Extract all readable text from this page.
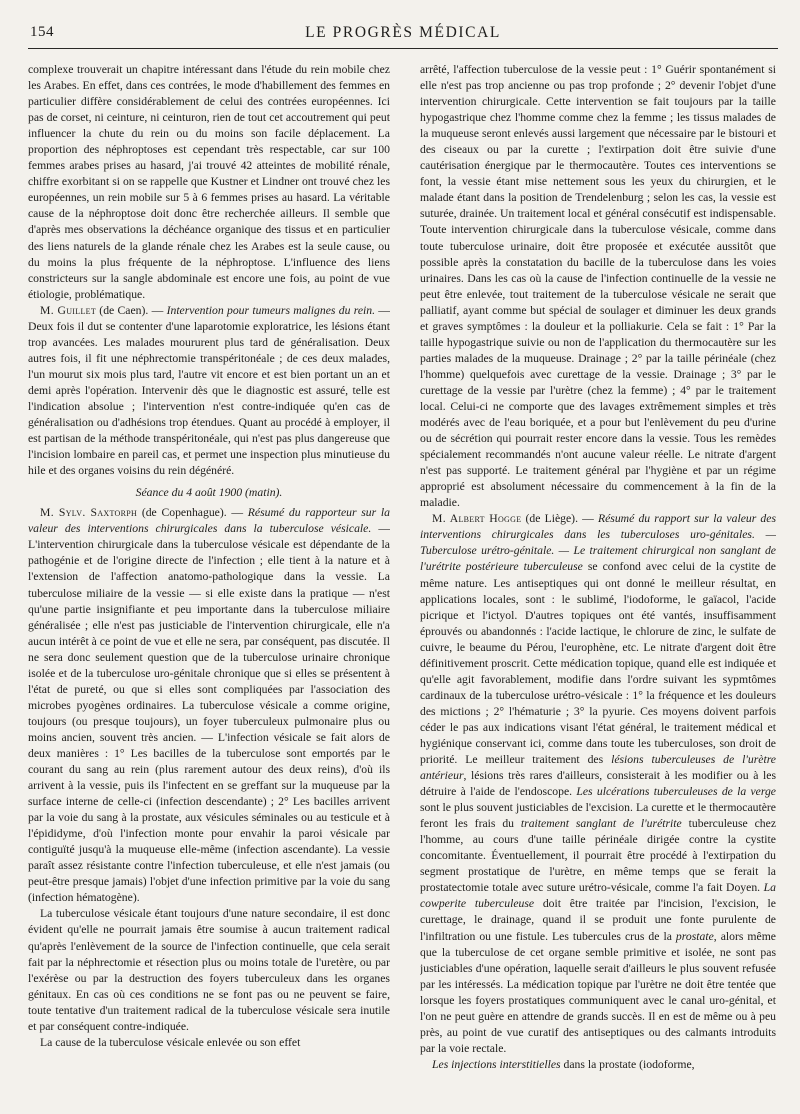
154	LE PROGRÈS MÉDICAL

complexe trouverait un chapitre intéressant dans l'étude du rein mobile chez les Arabes. En effet, dans ces contrées, le mode d'habillement des femmes en particulier diffère considérablement de celui des contrées européennes. Ici pas de corset, ni ceinture, ni ceinturon, rien de tout cet accoutrement qui peut influencer la chute du rein ou du moins son facile déplacement. La proportion des néphroptoses est cependant très respectable, car sur 100 femmes arabes prises au hasard, j'ai trouvé 42 atteintes de mobilité rénale, chiffre exorbitant si on se rappelle que Kustner et Lindner ont trouvé chez les européennes, un rein mobile sur 5 à 6 femmes prises au hasard. La véritable cause de la néphroptose doit donc être recherchée ailleurs. Il semble que d'après mes observations la déchéance organique des tissus et en particulier des liens naturels de la glande rénale chez les Arabes est la seule cause, ou du moins la plus fréquente de la néphroptose. L'influence des liens constricteurs sur la sangle abdominale est encore une fois, au point de vue étiologie, problématique.

M. Guillet (de Caen). — Intervention pour tumeurs malignes du rein. — Deux fois il dut se contenter d'une laparotomie exploratrice, les lésions étant trop avancées. Les malades moururent plus tard de généralisation. Deux autres fois, il fit une néphrectomie transpéritonéale ; de ces deux malades, l'un mourut six mois plus tard, l'autre vit encore et est bien portant un an et demi après l'opération. Intervenir dès que le diagnostic est assuré, telle est l'indication absolue ; l'intervention n'est contre-indiquée qu'en cas de généralisation ou d'adhésions trop étendues. Quant au procédé à employer, il est partisan de la méthode transpéritonéale, qui n'est pas plus dangereuse que l'incision lombaire en pareil cas, et permet une inspection plus minutieuse du hile et des organes voisins du rein dégénéré.

Séance du 4 août 1900 (matin).

M. Sylv. Saxtorph (de Copenhague). — Résumé du rapporteur sur la valeur des interventions chirurgicales dans la tuberculose vésicale. — L'intervention chirurgicale dans la tuberculose vésicale est dépendante de la pathogénie et de l'origine directe de l'infection ; elle tient à la nature et à l'extension de l'affection anatomo-pathologique dans la vessie. La tuberculose miliaire de la vessie — si elle existe dans la pratique — n'est qu'une partie insignifiante et peu importante dans la tuberculose miliaire généralisée ; elle n'est pas justiciable de l'intervention chirurgicale, elle n'a aucun intérêt à ce point de vue et elle ne sera, par conséquent, pas discutée. Il ne sera donc seulement question que de la tuberculose urinaire chronique isolée et de la tuberculose uro-génitale chronique que si elles se présentent à l'état de pureté, ou que si elles sont compliquées par l'association des microbes pyogènes ordinaires. La tuberculose vésicale a comme origine, toujours (ou presque toujours), un foyer tuberculeux pulmonaire plus ou moins ancien, souvent très ancien. — L'infection vésicale se fait alors de deux manières : 1° Les bacilles de la tuberculose sont emportés par le courant du sang au rein (plus rarement autour des deux reins), d'où ils arrivent à la vessie, puis ils l'infectent en se greffant sur la muqueuse par la surface interne de celle-ci (infection descendante) ; 2° Les bacilles arrivent par la voie du sang à la prostate, aux vésicules séminales ou au testicule et à l'épididyme, d'où l'infection monte pour envahir la paroi vésicale par contiguïté jusqu'à la muqueuse elle-même (infection ascendante). La vessie paraît assez résistante contre l'infection tuberculeuse, et elle n'est jamais (ou peut-être presque jamais) l'objet d'une infection primitive par la voie du sang (infection hématogène).

La tuberculose vésicale étant toujours d'une nature secondaire, il est donc évident qu'elle ne pourrait jamais être soumise à aucun traitement radical qu'après l'enlèvement de la source de l'infection continuelle, que cela serait fait par la néphrectomie et résection plus ou moins totale de l'uretère, ou par l'exérèse ou par la destruction des foyers tuberculeux dans les organes génitaux. En cas où ces conditions ne se font pas ou ne peuvent se faire, toute tentative d'un traitement radical de la tuberculose vésicale sera inutile et par conséquent contre-indiquée.

La cause de la tuberculose vésicale enlevée ou son effet

arrêté, l'affection tuberculose de la vessie peut : 1° Guérir spontanément si elle n'est pas trop ancienne ou pas trop profonde ; 2° devenir l'objet d'une intervention chirurgicale. Cette intervention se fait toujours par la taille hypogastrique chez l'homme comme chez la femme ; les tissus malades de la muqueuse seront enlevés aussi largement que nécessaire par le bistouri et des ciseaux ou par la curette ; l'extirpation doit être suivie d'une cautérisation énergique par le thermocautère. Toutes ces interventions se font, la vessie étant mise nettement sous les yeux du chirurgien, et le malade étant dans la position de Trendelenburg ; selon les cas, la vessie est suturée, drainée. Un traitement local et général consécutif est indispensable. Toute intervention chirurgicale dans la tuberculose vésicale, comme dans toute tuberculose urinaire, doit être proposée et exécutée aussitôt que possible après la constatation du bacille de la tuberculose dans les voies urinaires. Dans les cas où la cause de l'infection continuelle de la vessie ne peut être enlevée, tout traitement de la tuberculose vésicale ne serait que palliatif, ayant comme but spécial de soulager et diminuer les deux grands et graves symptômes : la douleur et la polliakurie. Cela se fait : 1° Par la taille hypogastrique suivie ou non de l'application du thermocautère sur les parties malades de la muqueuse. Drainage ; 2° par la taille périnéale (chez l'homme) quelquefois avec curettage de la vessie. Drainage ; 3° par le curettage de la vessie par l'urètre (chez la femme) ; 4° par le traitement local. Celui-ci ne comporte que des lavages extrêmement simples et très modérés avec de l'eau boriquée, et a pour but l'enlèvement du peu d'urine ou de sécrétion qui pourrait rester encore dans la vessie. Tous les remèdes spécialement recommandés n'ont aucune valeur réelle. Le nitrate d'argent n'est pas supporté. Le traitement général par l'hygiène et par un régime approprié est absolument nécessaire du commencement à la fin de la maladie.

M. Albert Hogge (de Liège). — Résumé du rapport sur la valeur des interventions chirurgicales dans les tuberculoses uro-génitales. — Tuberculose urétro-génitale. — Le traitement chirurgical non sanglant de l'urétrite postérieure tuberculeuse se confond avec celui de la cystite de même nature. Les antiseptiques qui ont donné le meilleur résultat, en applications locales, sont : le sublimé, l'iodoforme, le gaïacol, l'acide picrique et l'ictyol. D'autres topiques ont été vantés, insuffisamment éprouvés ou abandonnés : l'acide lactique, le chlorure de zinc, le sulfate de cuivre, le beaume du Pérou, l'europhène, etc. Le nitrate d'argent doit être définitivement proscrit. Cette médication topique, quand elle est indiquée et qu'elle agit favorablement, modifie dans l'ordre suivant les sypmtômes cardinaux de la tuberculose urétro-vésicale : 1° la fréquence et les douleurs des mictions ; 2° l'hématurie ; 3° la pyurie. Ces moyens doivent parfois céder le pas aux indications visant l'état général, le traitement médical et hygiénique conservant ici, comme dans toute les tuberculoses, son droit de priorité. Le meilleur traitement des lésions tuberculeuses de l'urètre antérieur, lésions très rares d'ailleurs, consisterait à les modifier ou à les détruire à l'aide de l'endoscope. Les ulcérations tuberculeuses de la verge sont le plus souvent justiciables de l'excision. La curette et le thermocautère feront les frais du traitement sanglant de l'urétrite tuberculeuse chez l'homme, au cours d'une taille périnéale dirigée contre la cystite concomitante. Éventuellement, il pourrait être procédé à l'extirpation du segment prostatique de l'urètre, en même temps que se ferait la prostatectomie totale avec suture urétro-vésicale, comme l'a fait Doyen. La cowperite tuberculeuse doit être traitée par l'incision, l'excision, le curettage, le drainage, quand il se produit une fonte purulente de l'infiltration ou une fistule. Les tubercules crus de la prostate, alors même que la tuberculose de cet organe semble primitive et isolée, ne sont pas justiciables d'une opération, laquelle serait d'ailleurs le plus souvent refusée par les intéressés. La médication topique par l'urètre ne doit être tentée que lorsque les foyers prostatiques communiquent avec le canal uro-génital, et l'on ne peut guère en attendre de grands succès. Il en est de même ou à peu près, au point de vue curatif des antiseptiques ou des calmants introduits par la voie rectale.

Les injections interstitielles dans la prostate (iodoforme,
